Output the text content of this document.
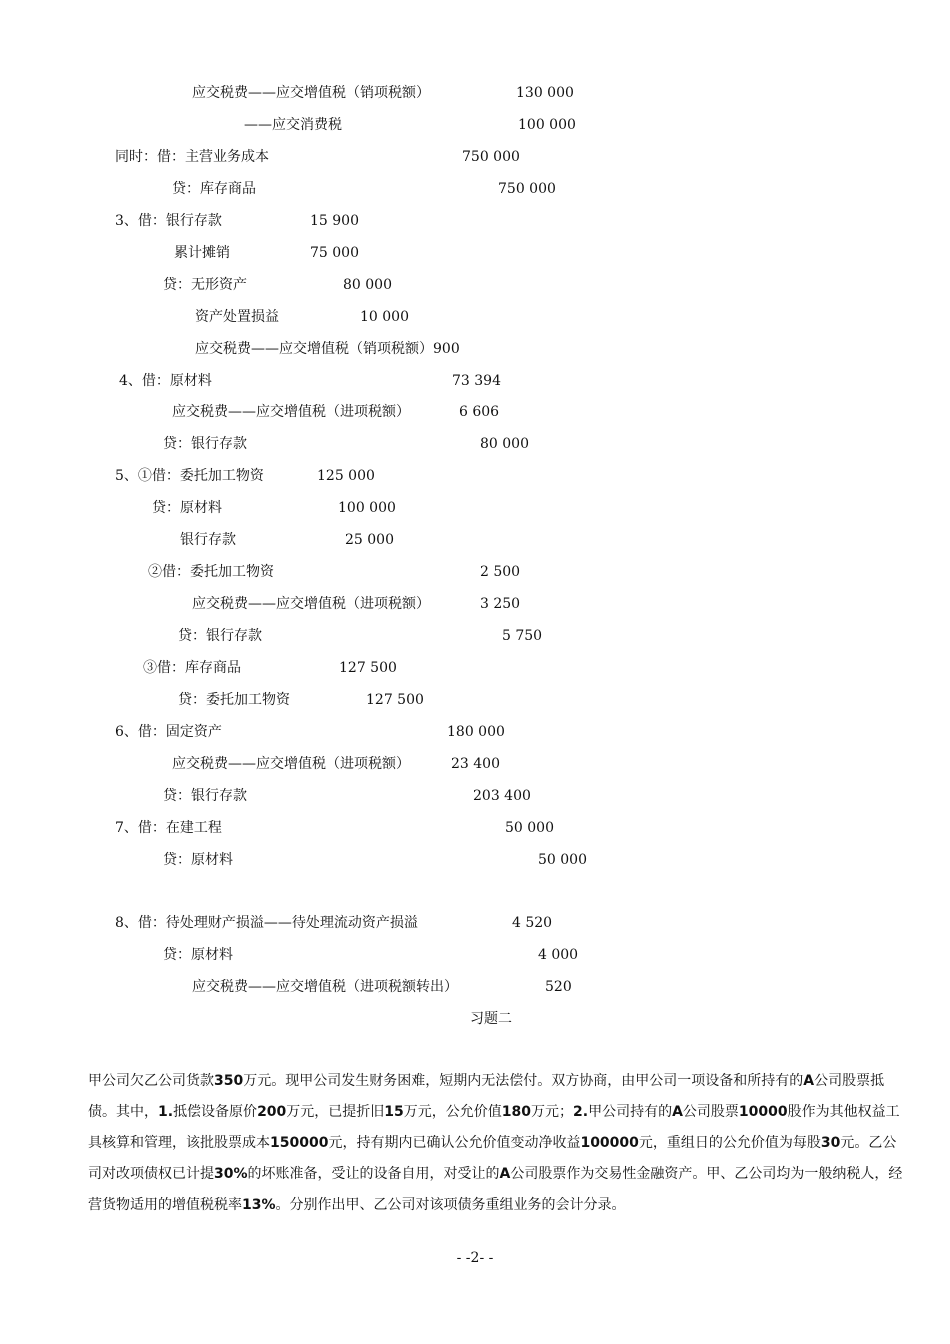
应交税费——应交增值税（销项税额）	130 000
——应交消费税	100 000
同时：借：主营业务成本	750 000
贷：库存商品	750 000
3、借：银行存款	15 900
累计摊销	75 000
贷：无形资产	80 000
资产处置损益	10 000
应交税费——应交增值税（销项税额）900
4、借：原材料	73 394
应交税费——应交增值税（进项税额）	6 606
贷：银行存款	80 000
5、①借：委托加工物资	125 000
贷：原材料	100 000
银行存款	25 000
②借：委托加工物资	2 500
应交税费——应交增值税（进项税额）	3 250
贷：银行存款	5 750
③借：库存商品	127 500
贷：委托加工物资	127 500
6、借：固定资产	180 000
应交税费——应交增值税（进项税额）	23 400
贷：银行存款	203 400
7、借：在建工程	50 000
贷：原材料	50 000
8、借：待处理财产损溢——待处理流动资产损溢	4 520
贷：原材料	4 000
应交税费——应交增值税（进项税额转出）	520
习题二
甲公司欠乙公司货款350万元。现甲公司发生财务困难，短期内无法偿付。双方协商，由甲公司一项设备和所持有的A公司股票抵债。其中，1.抵偿设备原价200万元，已提折旧15万元，公允价值180万元；2.甲公司持有的A公司股票10000股作为其他权益工具核算和管理，该批股票成本150000元，持有期内已确认公允价值变动净收益100000元，重组日的公允价值为每股30元。乙公司对改项债权已计提30%的坏账准备，受让的设备自用，对受让的A公司股票作为交易性金融资产。甲、乙公司均为一般纳税人，经营货物适用的增值税税率13%。分别作出甲、乙公司对该项债务重组业务的会计分录。
- -2- -
